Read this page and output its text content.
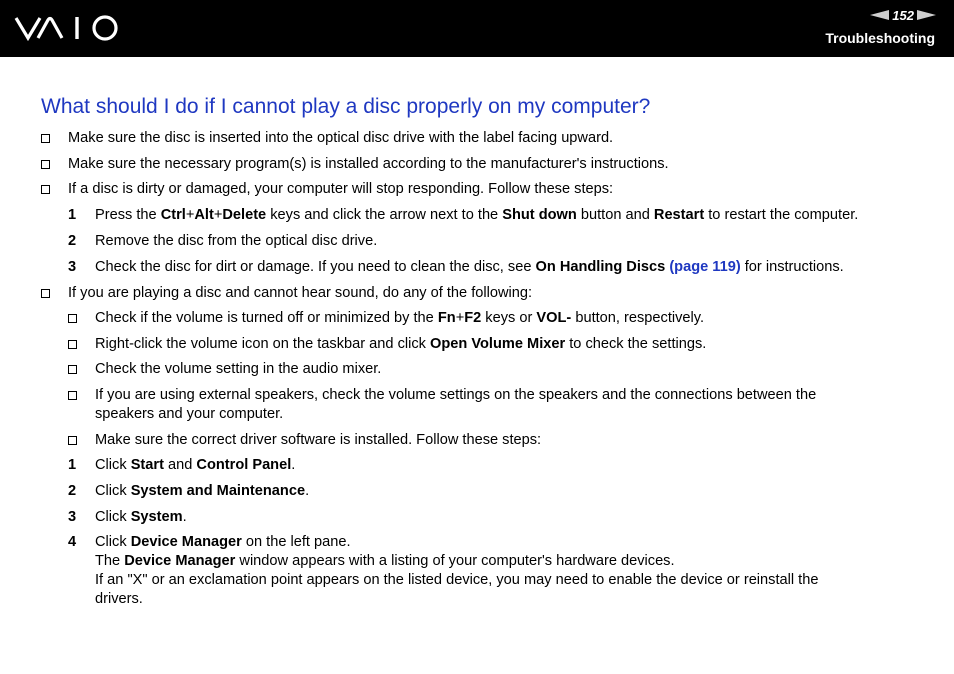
152
Troubleshooting
What should I do if I cannot play a disc properly on my computer?
Make sure the disc is inserted into the optical disc drive with the label facing upward.
Make sure the necessary program(s) is installed according to the manufacturer's instructions.
If a disc is dirty or damaged, your computer will stop responding. Follow these steps:
1 Press the Ctrl+Alt+Delete keys and click the arrow next to the Shut down button and Restart to restart the computer.
2 Remove the disc from the optical disc drive.
3 Check the disc for dirt or damage. If you need to clean the disc, see On Handling Discs (page 119) for instructions.
If you are playing a disc and cannot hear sound, do any of the following:
Check if the volume is turned off or minimized by the Fn+F2 keys or VOL- button, respectively.
Right-click the volume icon on the taskbar and click Open Volume Mixer to check the settings.
Check the volume setting in the audio mixer.
If you are using external speakers, check the volume settings on the speakers and the connections between the
speakers and your computer.
Make sure the correct driver software is installed. Follow these steps:
1 Click Start and Control Panel.
2 Click System and Maintenance.
3 Click System.
4 Click Device Manager on the left pane.
The Device Manager window appears with a listing of your computer's hardware devices.
If an "X" or an exclamation point appears on the listed device, you may need to enable the device or reinstall the
drivers.
